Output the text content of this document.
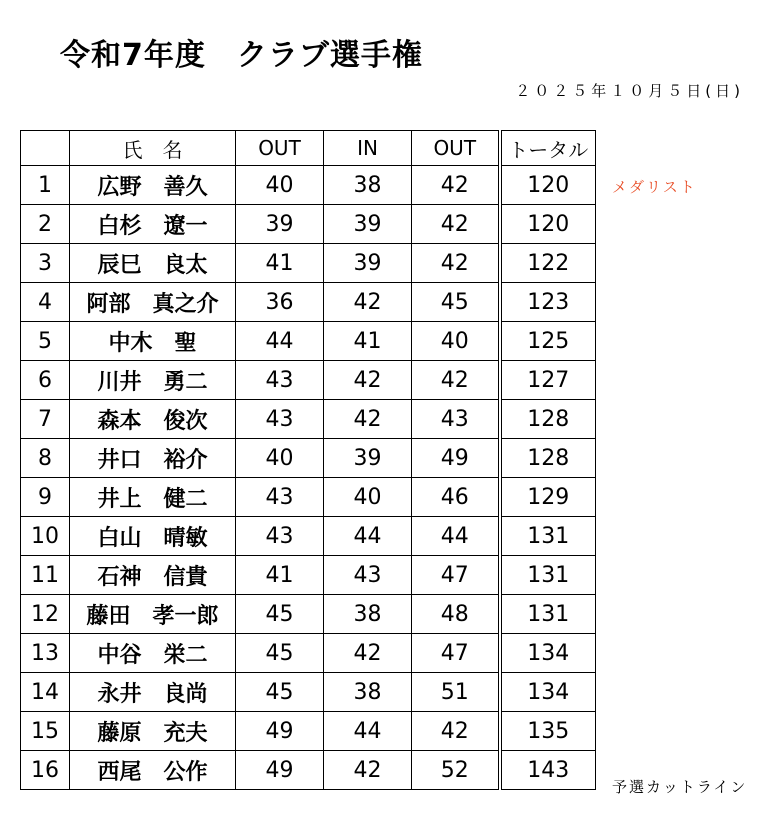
令和7年度　クラブ選手権
２０２５年１０月５日(日)
	氏　名	OUT	IN	OUT	トータル
1	広野　善久	40	38	42	120
2	白杉　遼一	39	39	42	120
3	辰巳　良太	41	39	42	122
4	阿部　真之介	36	42	45	123
5	中木　聖	44	41	40	125
6	川井　勇二	43	42	42	127
7	森本　俊次	43	42	43	128
8	井口　裕介	40	39	49	128
9	井上　健二	43	40	46	129
10	白山　晴敏	43	44	44	131
11	石神　信貴	41	43	47	131
12	藤田　孝一郎	45	38	48	131
13	中谷　栄二	45	42	47	134
14	永井　良尚	45	38	51	134
15	藤原　充夫	49	44	42	135
16	西尾　公作	49	42	52	143
メダリスト
予選カットライン
